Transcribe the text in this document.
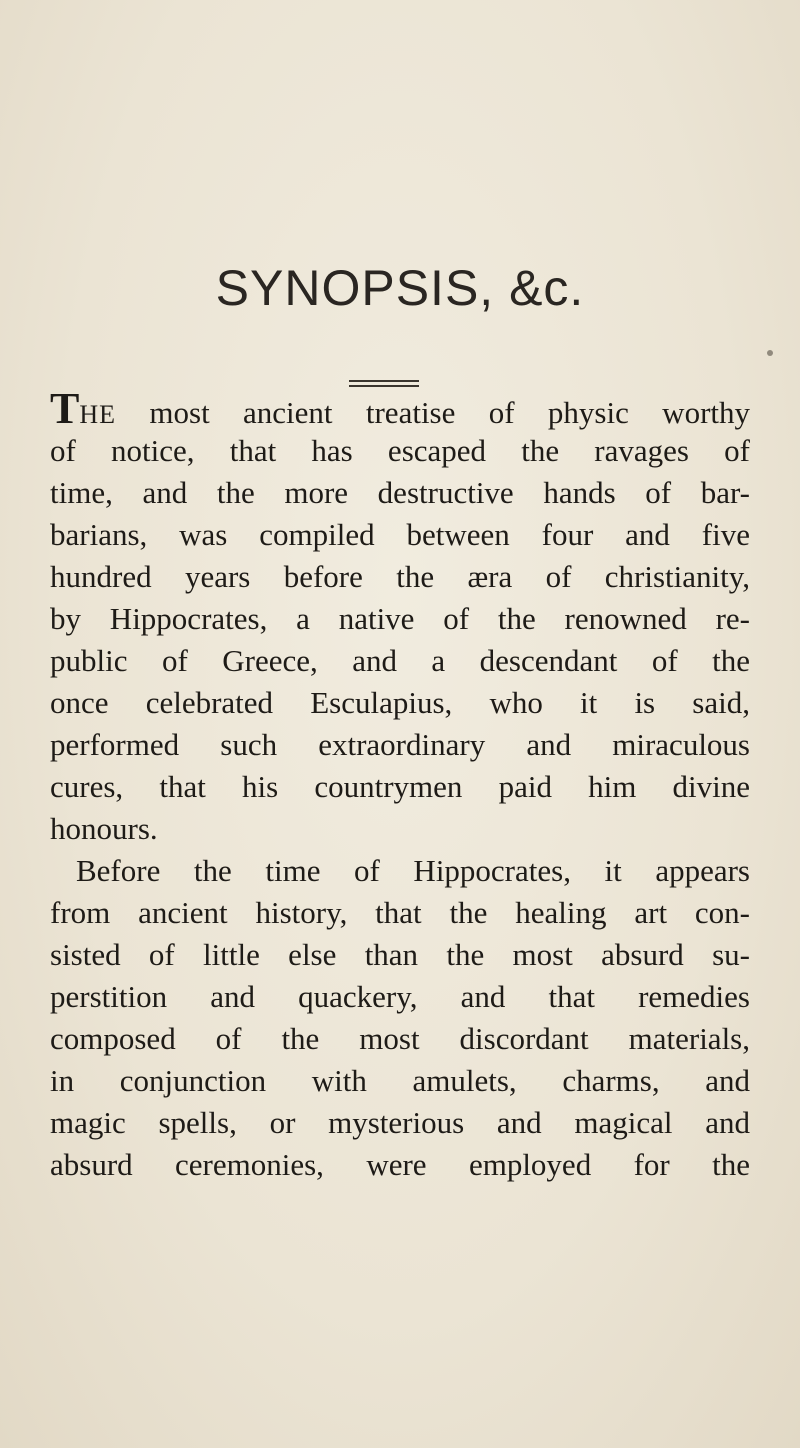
SYNOPSIS, &c.
THE most ancient treatise of physic worthy
of notice, that has escaped the ravages of
time, and the more destructive hands of bar-
barians, was compiled between four and five
hundred years before the æra of christianity,
by Hippocrates, a native of the renowned re-
public of Greece, and a descendant of the
once celebrated Esculapius, who it is said,
performed such extraordinary and miraculous
cures, that his countrymen paid him divine
honours.
Before the time of Hippocrates, it appears
from ancient history, that the healing art con-
sisted of little else than the most absurd su-
perstition and quackery, and that remedies
composed of the most discordant materials,
in conjunction with amulets, charms, and
magic spells, or mysterious and magical and
absurd ceremonies, were employed for the
